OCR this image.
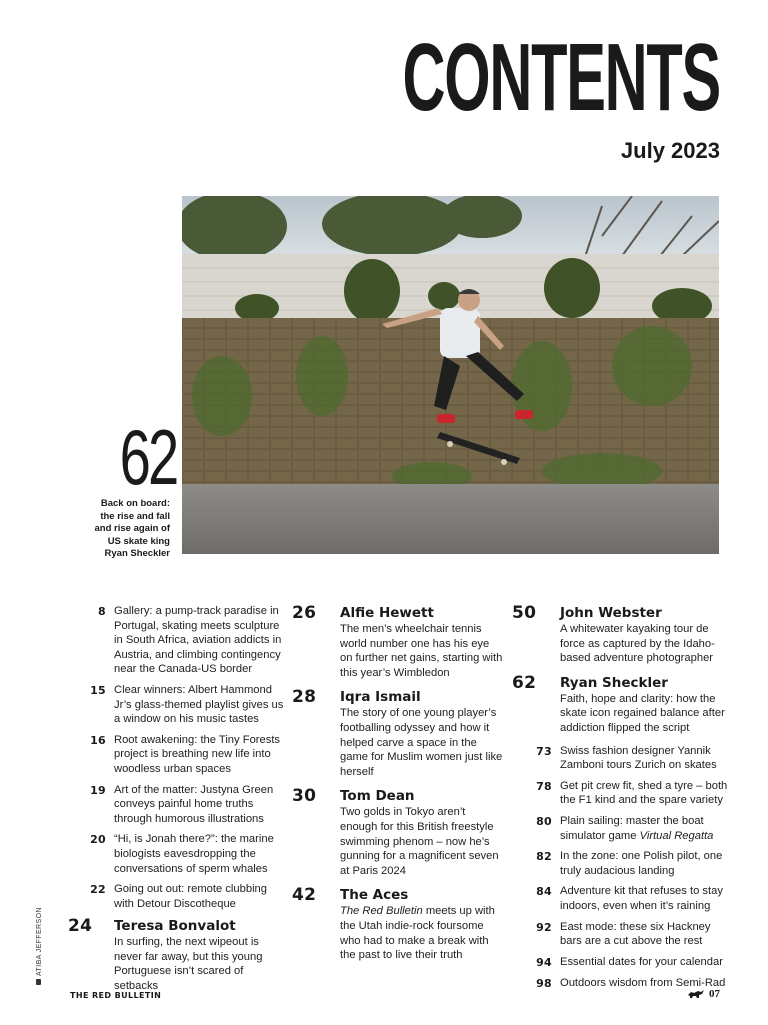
CONTENTS
July 2023
62
Back on board:
the rise and fall
and rise again of
US skate king
Ryan Sheckler
8 Gallery: a pump-track paradise in Portugal, skating meets sculpture in South Africa, aviation addicts in Austria, and climbing contingency near the Canada-US border
15 Clear winners: Albert Hammond Jr’s glass-themed playlist gives us a window on his music tastes
16 Root awakening: the Tiny Forests project is breathing new life into woodless urban spaces
19 Art of the matter: Justyna Green conveys painful home truths through humorous illustrations
20 “Hi, is Jonah there?”: the marine biologists eavesdropping the conversations of sperm whales
22 Going out out: remote clubbing with Detour Discotheque
24	Teresa Bonvalot
In surfing, the next wipeout is never far away, but this young Portuguese isn’t scared of setbacks
26	Alfie Hewett
The men’s wheelchair tennis world number one has his eye on further net gains, starting with this year’s Wimbledon
28	Iqra Ismail
The story of one young player’s footballing odyssey and how it helped carve a space in the game for Muslim women just like herself
30	Tom Dean
Two golds in Tokyo aren’t enough for this British freestyle swimming phenom – now he’s gunning for a magnificent seven at Paris 2024
42	The Aces
The Red Bulletin meets up with the Utah indie-rock foursome who had to make a break with the past to live their truth
50	John Webster
A whitewater kayaking tour de force as captured by the Idaho-based adventure photographer
62	Ryan Sheckler
Faith, hope and clarity: how the skate icon regained balance after addiction flipped the script
73 Swiss fashion designer Yannik Zamboni tours Zurich on skates
78 Get pit crew fit, shed a tyre – both the F1 kind and the spare variety
80 Plain sailing: master the boat simulator game Virtual Regatta
82 In the zone: one Polish pilot, one truly audacious landing
84 Adventure kit that refuses to stay indoors, even when it’s raining
92 East mode: these six Hackney bars are a cut above the rest
94 Essential dates for your calendar
98 Outdoors wisdom from Semi-Rad
ATIBA JEFFERSON
THE RED BULLETIN	07
